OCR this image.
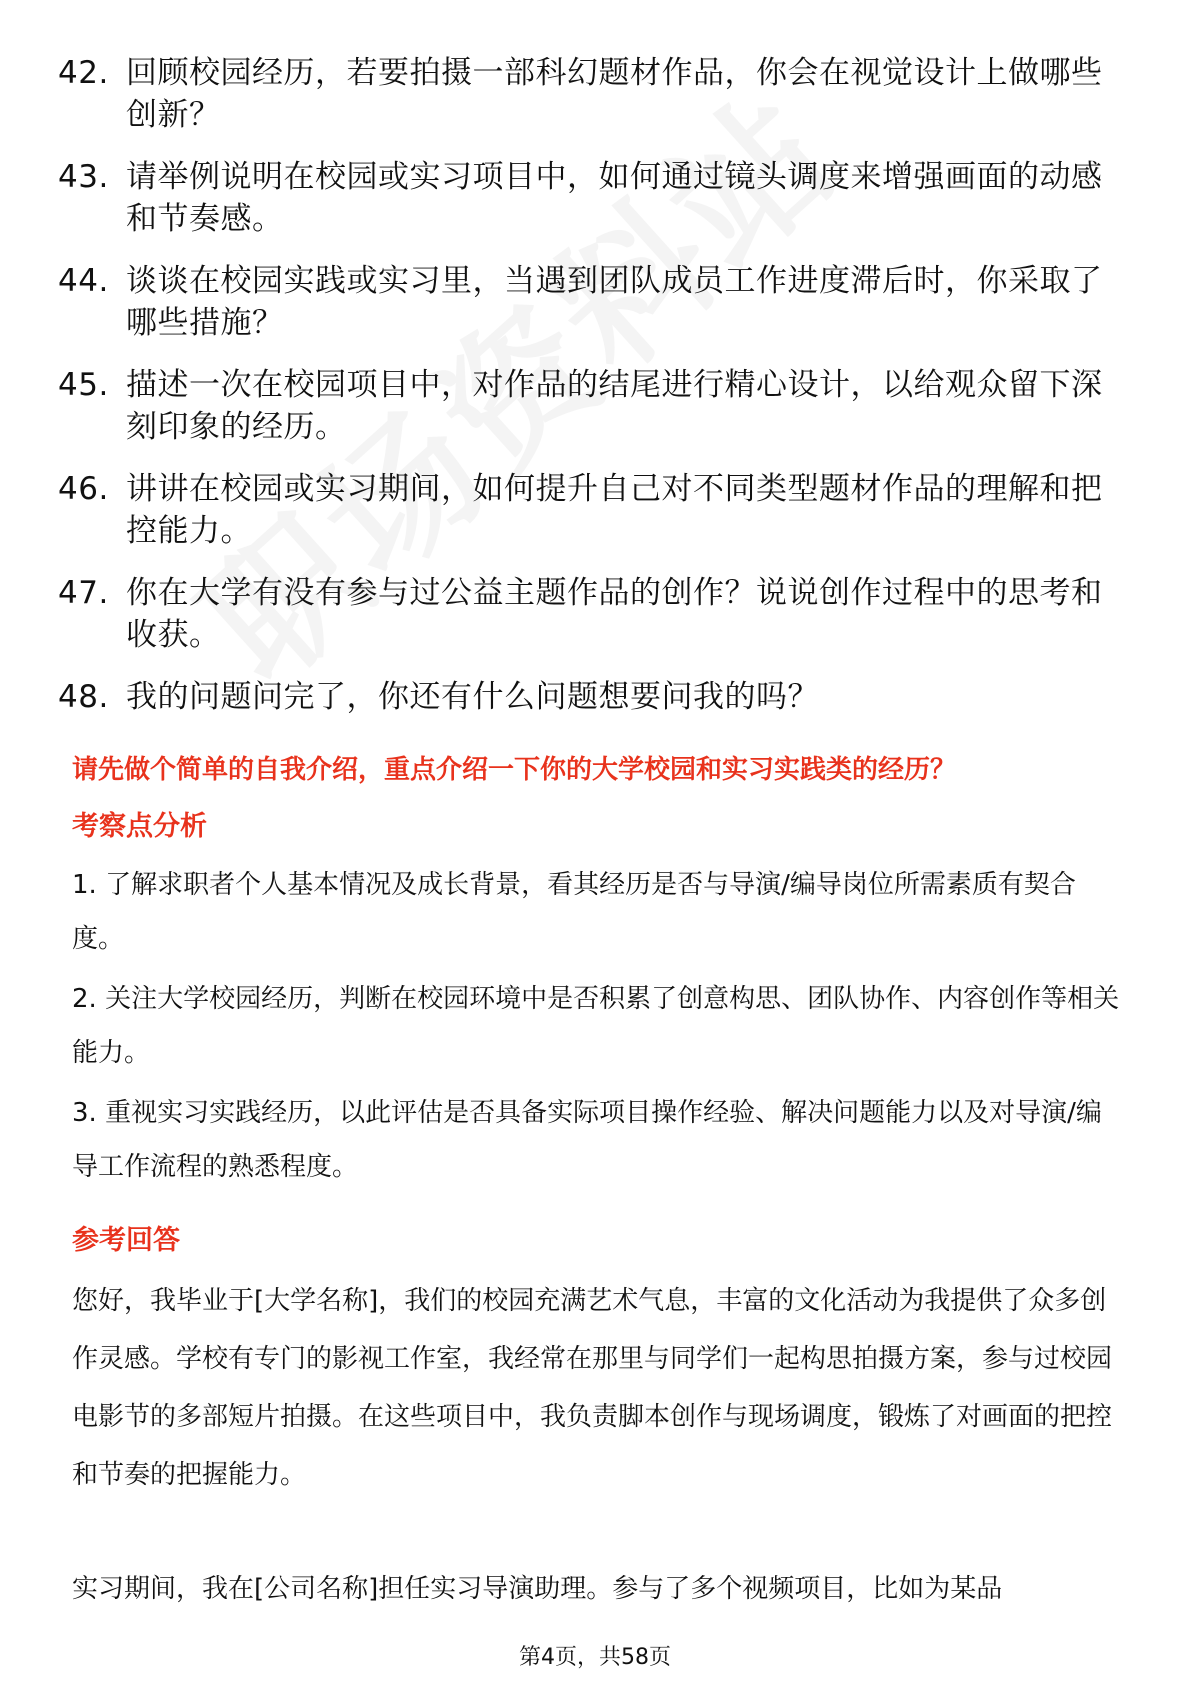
42. 回顾校园经历，若要拍摄一部科幻题材作品，你会在视觉设计上做哪些创新？
43. 请举例说明在校园或实习项目中，如何通过镜头调度来增强画面的动感和节奏感。
44. 谈谈在校园实践或实习里，当遇到团队成员工作进度滞后时，你采取了哪些措施？
45. 描述一次在校园项目中，对作品的结尾进行精心设计，以给观众留下深刻印象的经历。
46. 讲讲在校园或实习期间，如何提升自己对不同类型题材作品的理解和把控能力。
47. 你在大学有没有参与过公益主题作品的创作？说说创作过程中的思考和收获。
48. 我的问题问完了，你还有什么问题想要问我的吗？

请先做个简单的自我介绍，重点介绍一下你的大学校园和实习实践类的经历？

考察点分析

1. 了解求职者个人基本情况及成长背景，看其经历是否与导演/编导岗位所需素质有契合度。

2. 关注大学校园经历，判断在校园环境中是否积累了创意构思、团队协作、内容创作等相关能力。

3. 重视实习实践经历，以此评估是否具备实际项目操作经验、解决问题能力以及对导演/编导工作流程的熟悉程度。

参考回答

您好，我毕业于[大学名称]，我们的校园充满艺术气息，丰富的文化活动为我提供了众多创作灵感。学校有专门的影视工作室，我经常在那里与同学们一起构思拍摄方案，参与过校园电影节的多部短片拍摄。在这些项目中，我负责脚本创作与现场调度，锻炼了对画面的把控和节奏的把握能力。

实习期间，我在[公司名称]担任实习导演助理。参与了多个视频项目，比如为某品

第4页，共58页
